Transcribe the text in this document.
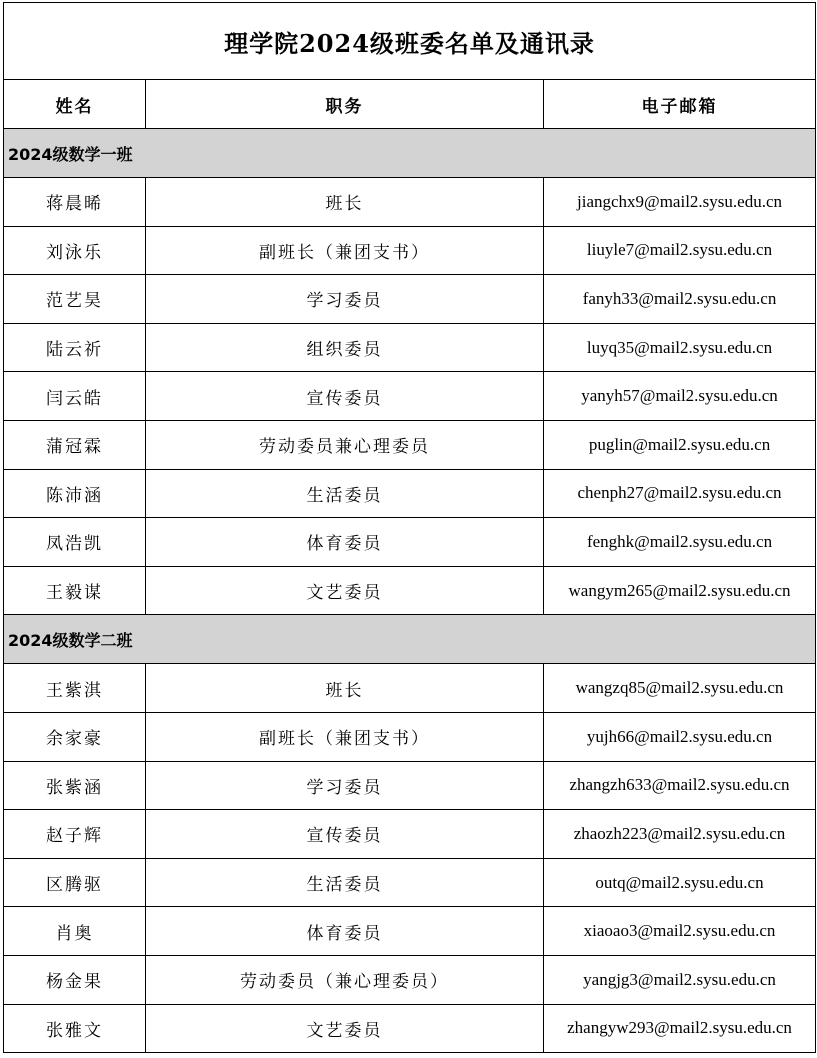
理学院2024级班委名单及通讯录		
姓名	职务	电子邮箱
2024级数学一班		
蒋晨晞	班长	jiangchx9@mail2.sysu.edu.cn
刘泳乐	副班长（兼团支书）	liuyle7@mail2.sysu.edu.cn
范艺昊	学习委员	fanyh33@mail2.sysu.edu.cn
陆云祈	组织委员	luyq35@mail2.sysu.edu.cn
闫云皓	宣传委员	yanyh57@mail2.sysu.edu.cn
蒲冠霖	劳动委员兼心理委员	puglin@mail2.sysu.edu.cn
陈沛涵	生活委员	chenph27@mail2.sysu.edu.cn
凤浩凯	体育委员	fenghk@mail2.sysu.edu.cn
王毅谋	文艺委员	wangym265@mail2.sysu.edu.cn
2024级数学二班		
王紫淇	班长	wangzq85@mail2.sysu.edu.cn
余家豪	副班长（兼团支书）	yujh66@mail2.sysu.edu.cn
张紫涵	学习委员	zhangzh633@mail2.sysu.edu.cn
赵子辉	宣传委员	zhaozh223@mail2.sysu.edu.cn
区腾驱	生活委员	outq@mail2.sysu.edu.cn
肖奥	体育委员	xiaoao3@mail2.sysu.edu.cn
杨金果	劳动委员（兼心理委员）	yangjg3@mail2.sysu.edu.cn
张雅文	文艺委员	zhangyw293@mail2.sysu.edu.cn
